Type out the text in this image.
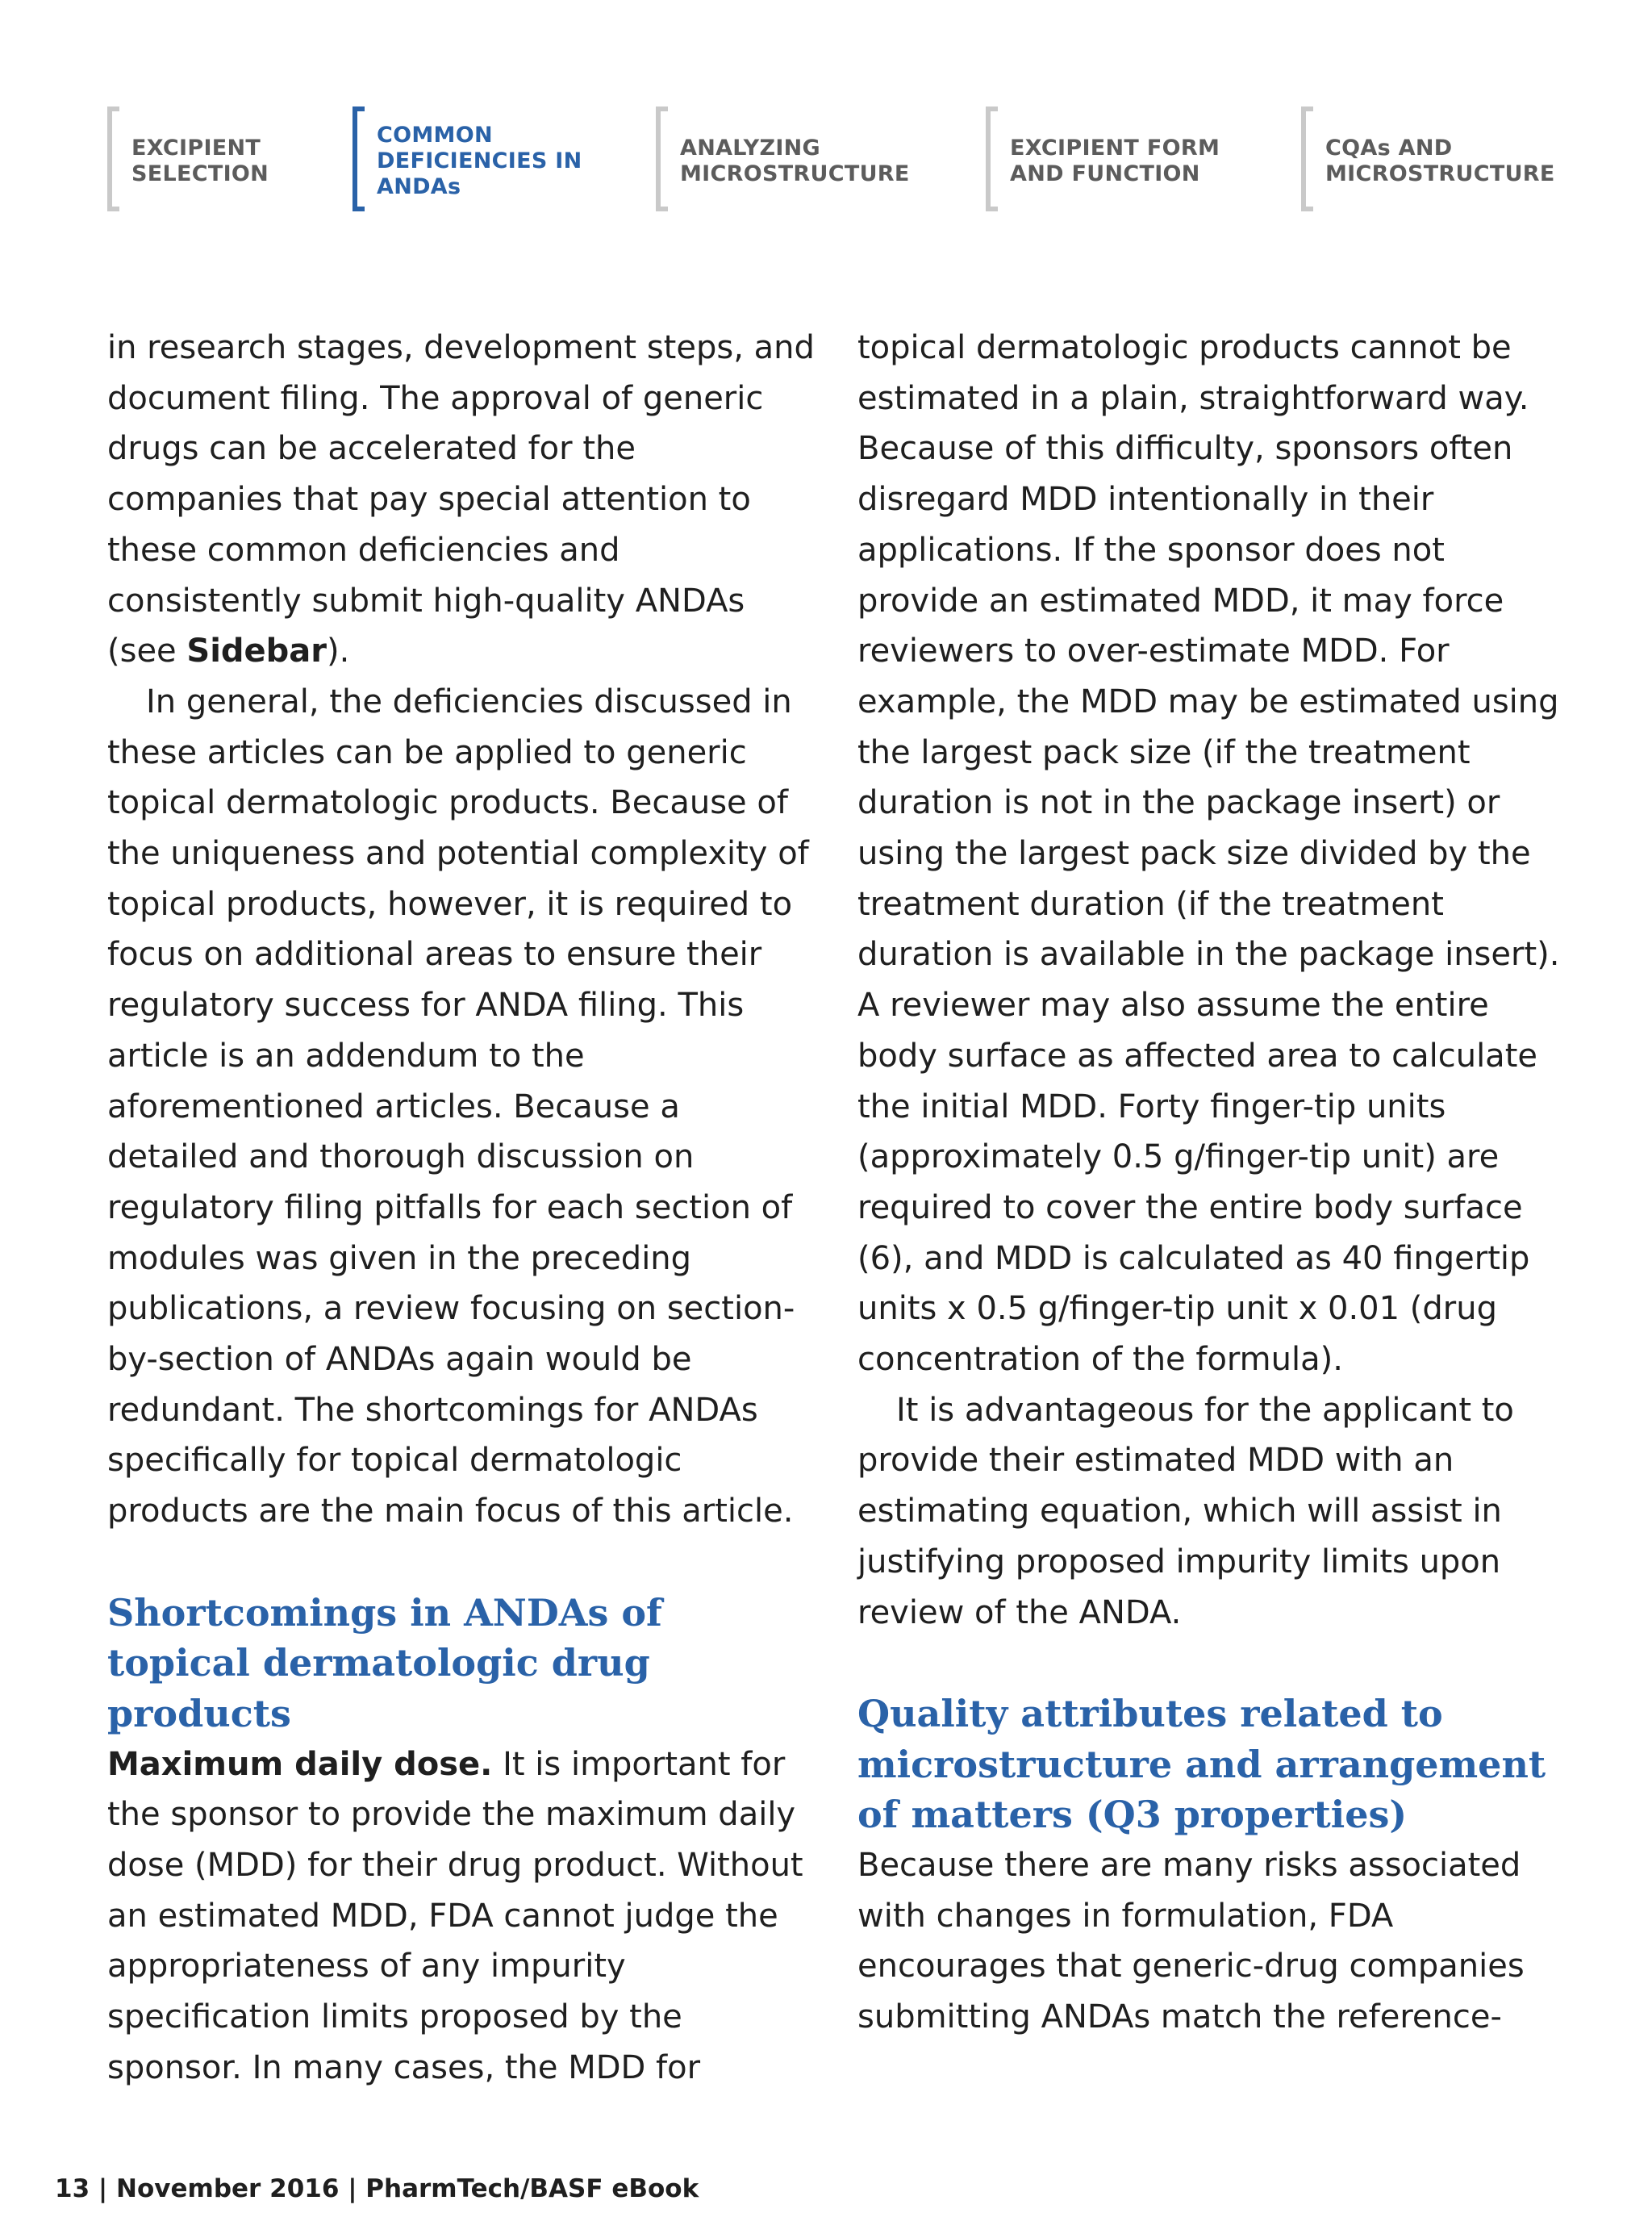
EXCIPIENT
SELECTION
COMMON
DEFICIENCIES IN
ANDAs
ANALYZING
MICROSTRUCTURE
EXCIPIENT FORM
AND FUNCTION
CQAs AND
MICROSTRUCTURE

in research stages, development steps, and document filing. The approval of generic drugs can be accelerated for the companies that pay special attention to these common deficiencies and consistently submit high-quality ANDAs (see Sidebar).

In general, the deficiencies discussed in these articles can be applied to generic topical dermatologic products. Because of the uniqueness and potential complexity of topical products, however, it is required to focus on additional areas to ensure their regulatory success for ANDA filing. This article is an addendum to the aforementioned articles. Because a detailed and thorough discussion on regulatory filing pitfalls for each section of modules was given in the preceding publications, a review focusing on section-by-section of ANDAs again would be redundant. The shortcomings for ANDAs specifically for topical dermatologic products are the main focus of this article.

Shortcomings in ANDAs of topical dermatologic drug products

Maximum daily dose. It is important for the sponsor to provide the maximum daily dose (MDD) for their drug product. Without an estimated MDD, FDA cannot judge the appropriateness of any impurity specification limits proposed by the sponsor. In many cases, the MDD for

topical dermatologic products cannot be estimated in a plain, straightforward way. Because of this difficulty, sponsors often disregard MDD intentionally in their applications. If the sponsor does not provide an estimated MDD, it may force reviewers to over-estimate MDD. For example, the MDD may be estimated using the largest pack size (if the treatment duration is not in the package insert) or using the largest pack size divided by the treatment duration (if the treatment duration is available in the package insert). A reviewer may also assume the entire body surface as affected area to calculate the initial MDD. Forty finger-tip units (approximately 0.5 g/finger-tip unit) are required to cover the entire body surface (6), and MDD is calculated as 40 fingertip units x 0.5 g/finger-tip unit x 0.01 (drug concentration of the formula).

It is advantageous for the applicant to provide their estimated MDD with an estimating equation, which will assist in justifying proposed impurity limits upon review of the ANDA.

Quality attributes related to microstructure and arrangement of matters (Q3 properties)

Because there are many risks associated with changes in formulation, FDA encourages that generic-drug companies submitting ANDAs match the reference-

13 | November 2016 | PharmTech/BASF eBook
